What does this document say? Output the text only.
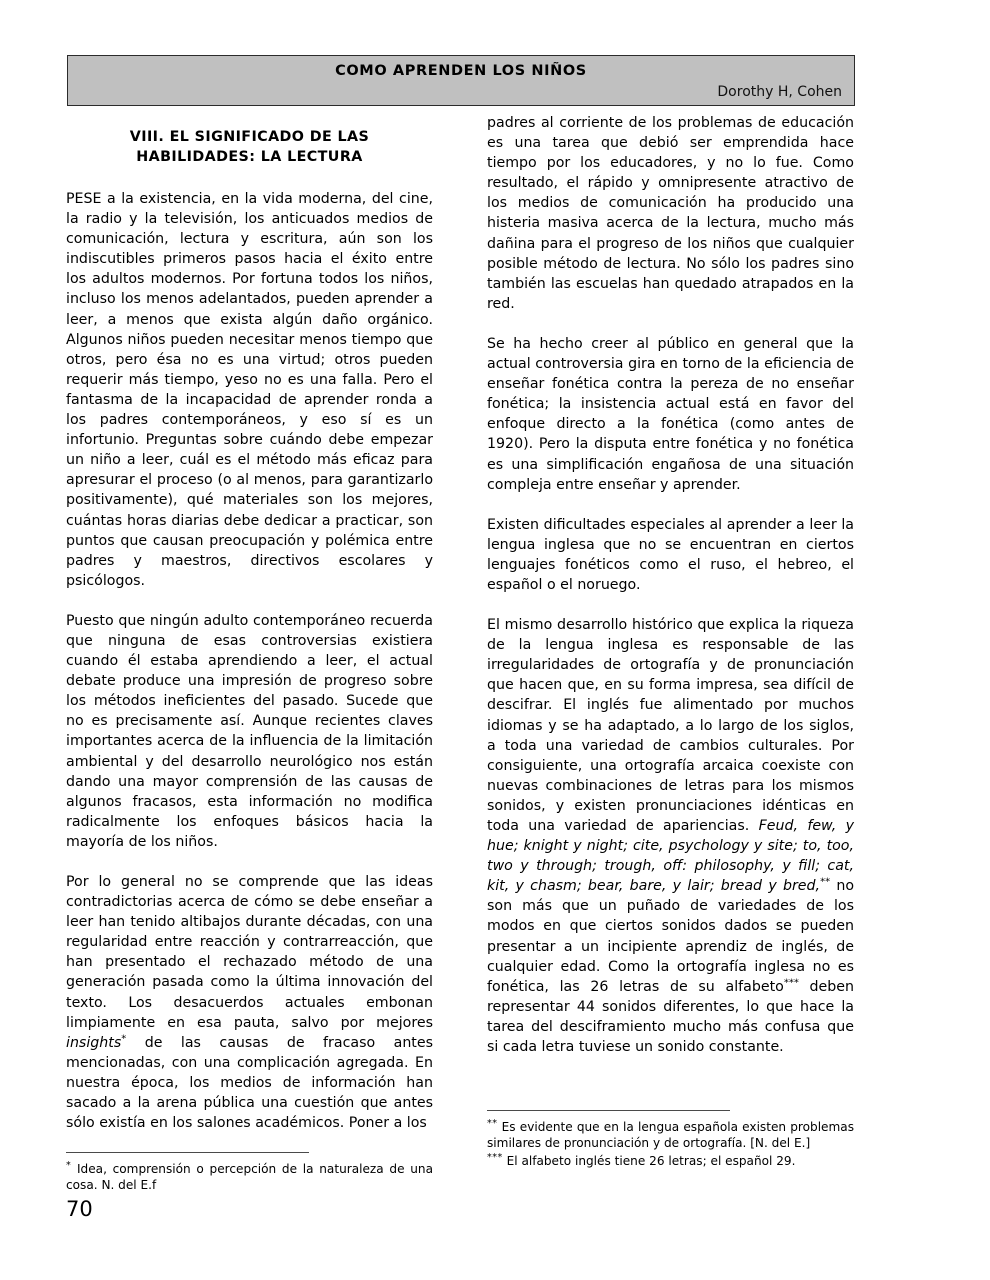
COMO APRENDEN LOS NIÑOS
Dorothy H, Cohen
VIII. EL SIGNIFICADO DE LAS
HABILIDADES: LA LECTURA

PESE a la existencia, en la vida moderna, del cine, la radio y la televisión, los anticuados medios de comunicación, lectura y escritura, aún son los indiscutibles primeros pasos hacia el éxito entre los adultos modernos. Por fortuna todos los niños, incluso los menos adelantados, pueden aprender a leer, a menos que exista algún daño orgánico. Algunos niños pueden necesitar menos tiempo que otros, pero ésa no es una virtud; otros pueden requerir más tiempo, yeso no es una falla. Pero el fantasma de la incapacidad de aprender ronda a los padres contemporáneos, y eso sí es un infortunio. Preguntas sobre cuándo debe empezar un niño a leer, cuál es el método más eficaz para apresurar el proceso (o al menos, para garantizarlo positivamente), qué materiales son los mejores, cuántas horas diarias debe dedicar a practicar, son puntos que causan preocupación y polémica entre padres y maestros, directivos escolares y psicólogos.

Puesto que ningún adulto contemporáneo recuerda que ninguna de esas controversias existiera cuando él estaba aprendiendo a leer, el actual debate produce una impresión de progreso sobre los métodos ineficientes del pasado. Sucede que no es precisamente así. Aunque recientes claves importantes acerca de la influencia de la limitación ambiental y del desarrollo neurológico nos están dando una mayor comprensión de las causas de algunos fracasos, esta información no modifica radicalmente los enfoques básicos hacia la mayoría de los niños.

Por lo general no se comprende que las ideas contradictorias acerca de cómo se debe enseñar a leer han tenido altibajos durante décadas, con una regularidad entre reacción y contrarreacción, que han presentado el rechazado método de una generación pasada como la última innovación del texto. Los desacuerdos actuales embonan limpiamente en esa pauta, salvo por mejores insights* de las causas de fracaso antes mencionadas, con una complicación agregada. En nuestra época, los medios de información han sacado a la arena pública una cuestión que antes sólo existía en los salones académicos. Poner a los

padres al corriente de los problemas de educación es una tarea que debió ser emprendida hace tiempo por los educadores, y no lo fue. Como resultado, el rápido y omnipresente atractivo de los medios de comunicación ha producido una histeria masiva acerca de la lectura, mucho más dañina para el progreso de los niños que cualquier posible método de lectura. No sólo los padres sino también las escuelas han quedado atrapados en la red.

Se ha hecho creer al público en general que la actual controversia gira en torno de la eficiencia de enseñar fonética contra la pereza de no enseñar fonética; la insistencia actual está en favor del enfoque directo a la fonética (como antes de 1920). Pero la disputa entre fonética y no fonética es una simplificación engañosa de una situación compleja entre enseñar y aprender.

Existen dificultades especiales al aprender a leer la lengua inglesa que no se encuentran en ciertos lenguajes fonéticos como el ruso, el hebreo, el español o el noruego.

El mismo desarrollo histórico que explica la riqueza de la lengua inglesa es responsable de las irregularidades de ortografía y de pronunciación que hacen que, en su forma impresa, sea difícil de descifrar. El inglés fue alimentado por muchos idiomas y se ha adaptado, a lo largo de los siglos, a toda una variedad de cambios culturales. Por consiguiente, una ortografía arcaica coexiste con nuevas combinaciones de letras para los mismos sonidos, y existen pronunciaciones idénticas en toda una variedad de apariencias. Feud, few, y hue; knight y night; cite, psychology y site; to, too, two y through; trough, off: philosophy, y fill; cat, kit, y chasm; bear, bare, y lair; bread y bred,** no son más que un puñado de variedades de los modos en que ciertos sonidos dados se pueden presentar a un incipiente aprendiz de inglés, de cualquier edad. Como la ortografía inglesa no es fonética, las 26 letras de su alfabeto*** deben representar 44 sonidos diferentes, lo que hace la tarea del desciframiento mucho más confusa que si cada letra tuviese un sonido constante.

* Idea, comprensión o percepción de la naturaleza de una cosa. N. del E.f

** Es evidente que en la lengua española existen problemas similares de pronunciación y de ortografía. [N. del E.]

*** El alfabeto inglés tiene 26 letras; el español 29.

70
